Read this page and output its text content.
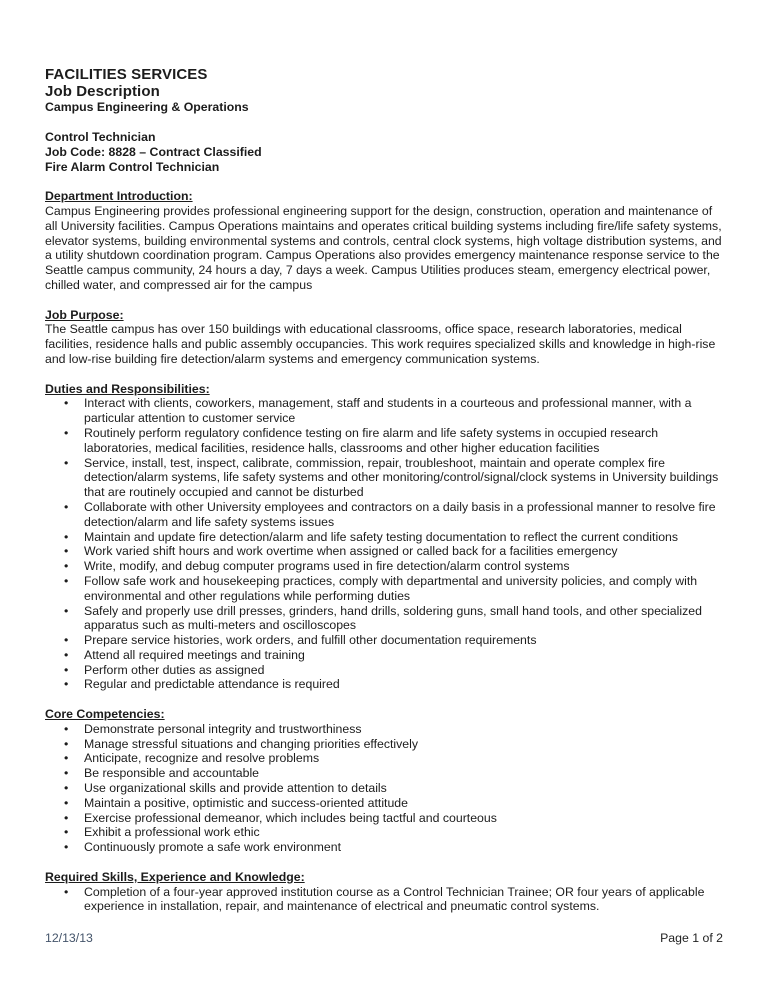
FACILITIES SERVICES
Job Description
Campus Engineering & Operations
Control Technician
Job Code: 8828 – Contract Classified
Fire Alarm Control Technician
Department Introduction:
Campus Engineering provides professional engineering support for the design, construction, operation and maintenance of all University facilities. Campus Operations maintains and operates critical building systems including fire/life safety systems, elevator systems, building environmental systems and controls, central clock systems, high voltage distribution systems, and a utility shutdown coordination program. Campus Operations also provides emergency maintenance response service to the Seattle campus community, 24 hours a day, 7 days a week. Campus Utilities produces steam, emergency electrical power, chilled water, and compressed air for the campus
Job Purpose:
The Seattle campus has over 150 buildings with educational classrooms, office space, research laboratories, medical facilities, residence halls and public assembly occupancies. This work requires specialized skills and knowledge in high-rise and low-rise building fire detection/alarm systems and emergency communication systems.
Duties and Responsibilities:
• Interact with clients, coworkers, management, staff and students in a courteous and professional manner, with a particular attention to customer service
• Routinely perform regulatory confidence testing on fire alarm and life safety systems in occupied research laboratories, medical facilities, residence halls, classrooms and other higher education facilities
• Service, install, test, inspect, calibrate, commission, repair, troubleshoot, maintain and operate complex fire detection/alarm systems, life safety systems and other monitoring/control/signal/clock systems in University buildings that are routinely occupied and cannot be disturbed
• Collaborate with other University employees and contractors on a daily basis in a professional manner to resolve fire detection/alarm and life safety systems issues
• Maintain and update fire detection/alarm and life safety testing documentation to reflect the current conditions
• Work varied shift hours and work overtime when assigned or called back for a facilities emergency
• Write, modify, and debug computer programs used in fire detection/alarm control systems
• Follow safe work and housekeeping practices, comply with departmental and university policies, and comply with environmental and other regulations while performing duties
• Safely and properly use drill presses, grinders, hand drills, soldering guns, small hand tools, and other specialized apparatus such as multi-meters and oscilloscopes
• Prepare service histories, work orders, and fulfill other documentation requirements
• Attend all required meetings and training
• Perform other duties as assigned
• Regular and predictable attendance is required
Core Competencies:
• Demonstrate personal integrity and trustworthiness
• Manage stressful situations and changing priorities effectively
• Anticipate, recognize and resolve problems
• Be responsible and accountable
• Use organizational skills and provide attention to details
• Maintain a positive, optimistic and success-oriented attitude
• Exercise professional demeanor, which includes being tactful and courteous
• Exhibit a professional work ethic
• Continuously promote a safe work environment
Required Skills, Experience and Knowledge:
• Completion of a four-year approved institution course as a Control Technician Trainee; OR four years of applicable experience in installation, repair, and maintenance of electrical and pneumatic control systems.
12/13/13	Page 1 of 2
